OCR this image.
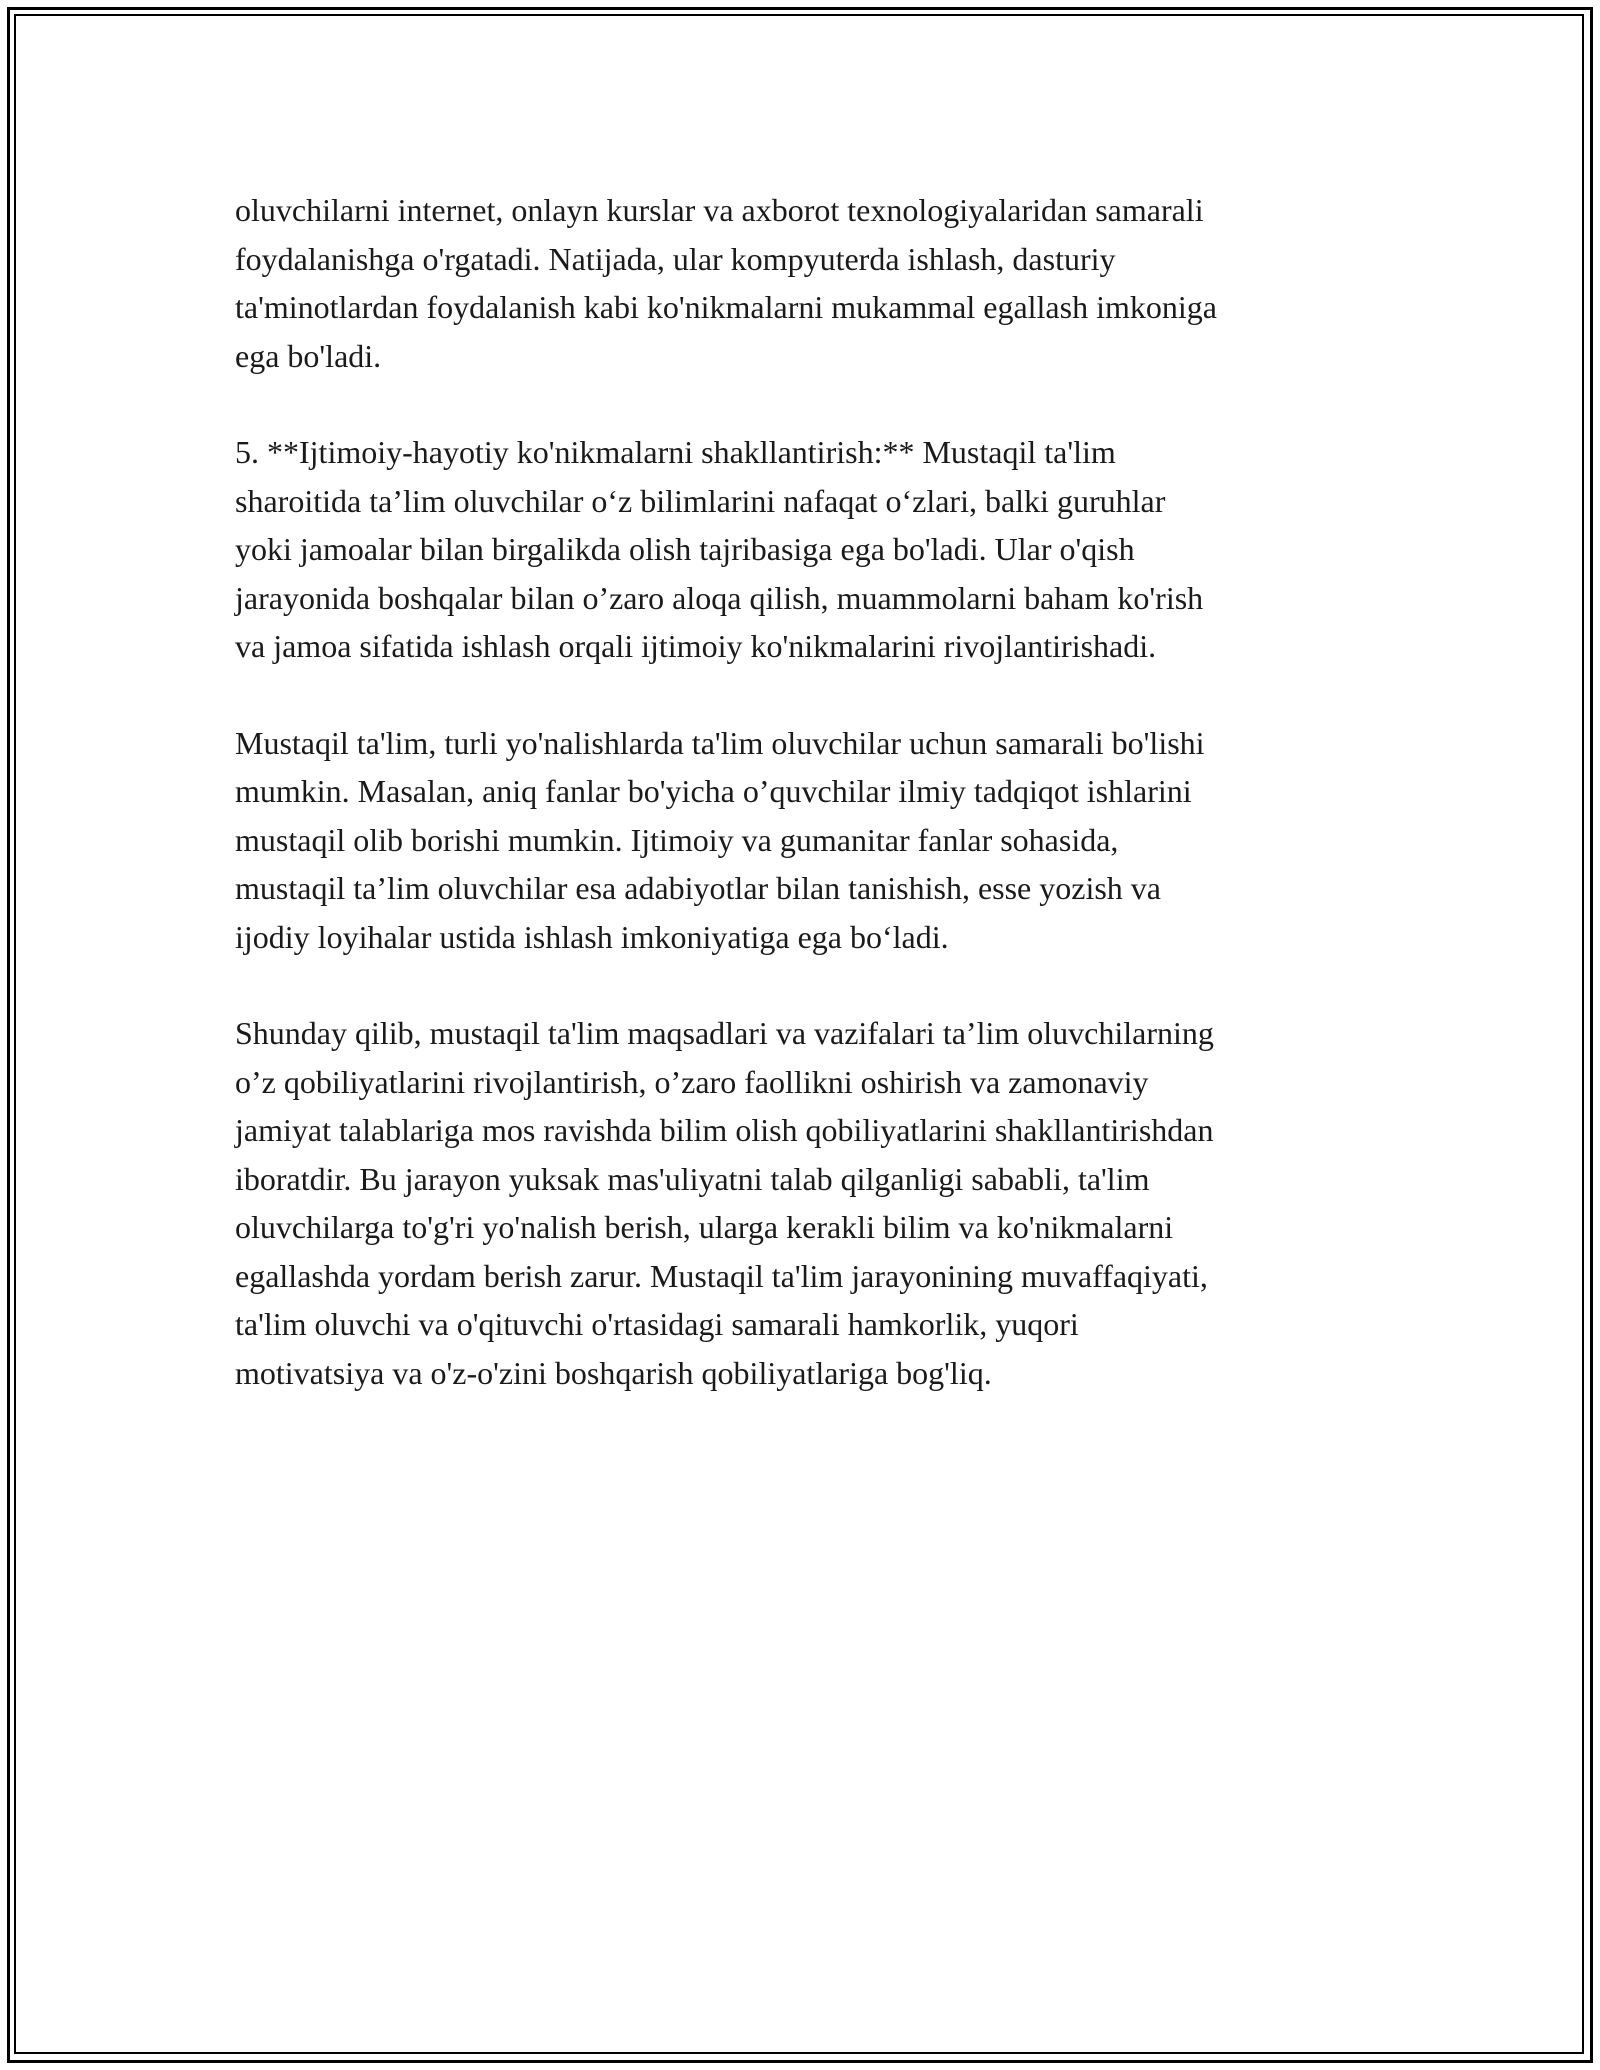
oluvchilarni internet, onlayn kurslar va axborot texnologiyalaridan samarali
foydalanishga o'rgatadi. Natijada, ular kompyuterda ishlash, dasturiy
ta'minotlardan foydalanish kabi ko'nikmalarni mukammal egallash imkoniga
ega bo'ladi.

5. **Ijtimoiy-hayotiy ko'nikmalarni shakllantirish:** Mustaqil ta'lim
sharoitida ta’lim oluvchilar o‘z bilimlarini nafaqat o‘zlari, balki guruhlar
yoki jamoalar bilan birgalikda olish tajribasiga ega bo'ladi. Ular o'qish
jarayonida boshqalar bilan o’zaro aloqa qilish, muammolarni baham ko'rish
va jamoa sifatida ishlash orqali ijtimoiy ko'nikmalarini rivojlantirishadi.

Mustaqil ta'lim, turli yo'nalishlarda ta'lim oluvchilar uchun samarali bo'lishi
mumkin. Masalan, aniq fanlar bo'yicha o’quvchilar ilmiy tadqiqot ishlarini
mustaqil olib borishi mumkin. Ijtimoiy va gumanitar fanlar sohasida,
mustaqil ta’lim oluvchilar esa adabiyotlar bilan tanishish, esse yozish va
ijodiy loyihalar ustida ishlash imkoniyatiga ega bo‘ladi.

Shunday qilib, mustaqil ta'lim maqsadlari va vazifalari ta’lim oluvchilarning
o’z qobiliyatlarini rivojlantirish, o’zaro faollikni oshirish va zamonaviy
jamiyat talablariga mos ravishda bilim olish qobiliyatlarini shakllantirishdan
iboratdir. Bu jarayon yuksak mas'uliyatni talab qilganligi sababli, ta'lim
oluvchilarga to'g'ri yo'nalish berish, ularga kerakli bilim va ko'nikmalarni
egallashda yordam berish zarur. Mustaqil ta'lim jarayonining muvaffaqiyati,
ta'lim oluvchi va o'qituvchi o'rtasidagi samarali hamkorlik, yuqori
motivatsiya va o'z-o'zini boshqarish qobiliyatlariga bog'liq.
